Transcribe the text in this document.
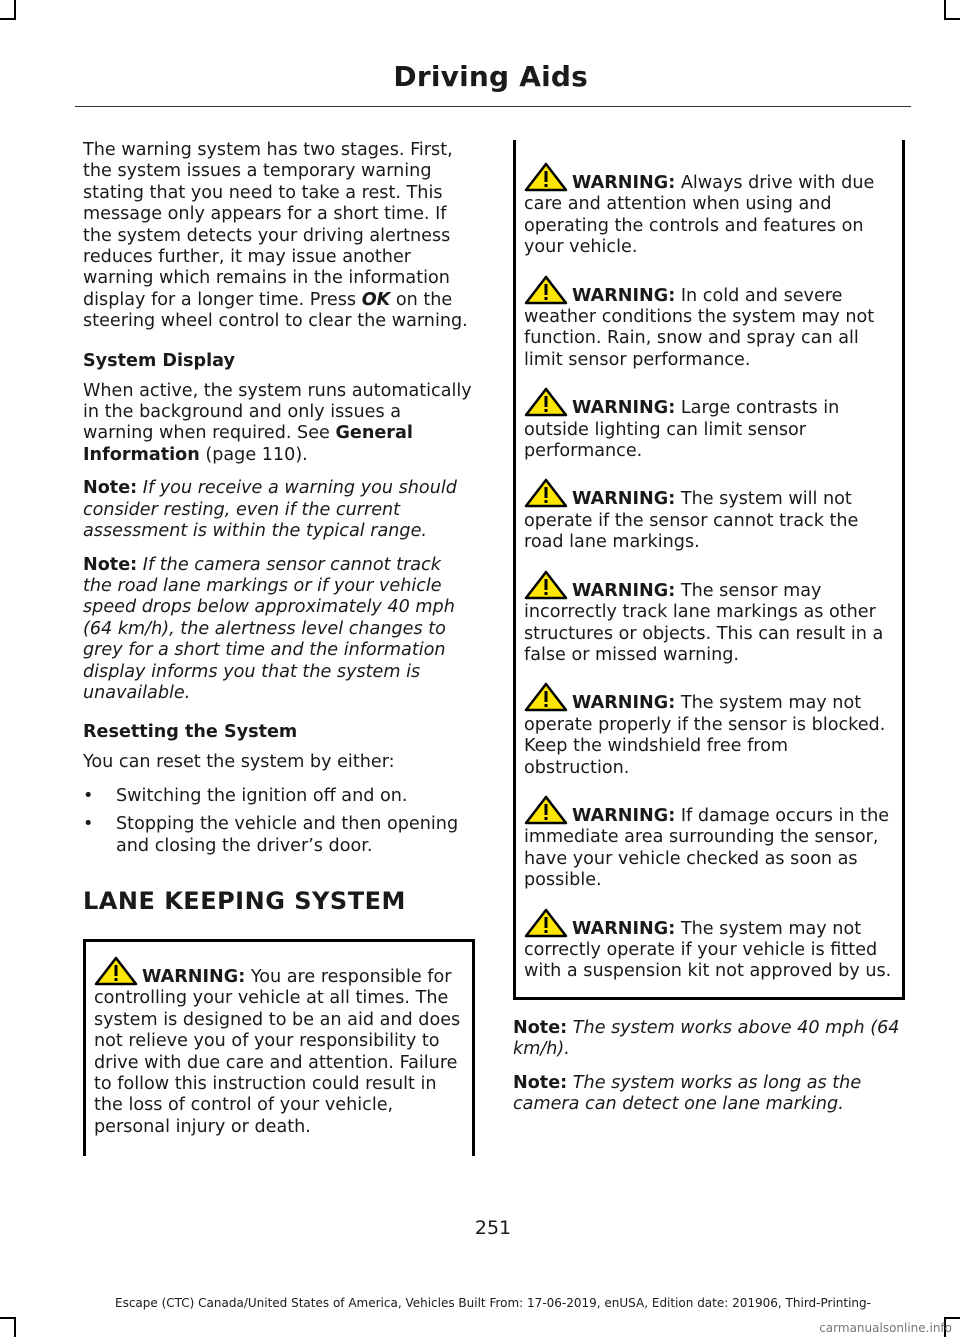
Driving Aids

The warning system has two stages. First, the system issues a temporary warning stating that you need to take a rest. This message only appears for a short time. If the system detects your driving alertness reduces further, it may issue another warning which remains in the information display for a longer time. Press OK on the steering wheel control to clear the warning.

System Display

When active, the system runs automatically in the background and only issues a warning when required. See General Information (page 110).

Note: If you receive a warning you should consider resting, even if the current assessment is within the typical range.

Note: If the camera sensor cannot track the road lane markings or if your vehicle speed drops below approximately 40 mph (64 km/h), the alertness level changes to grey for a short time and the information display informs you that the system is unavailable.

Resetting the System

You can reset the system by either:

• Switching the ignition off and on.
• Stopping the vehicle and then opening and closing the driver’s door.
LANE KEEPING SYSTEM
WARNING: You are responsible for controlling your vehicle at all times. The system is designed to be an aid and does not relieve you of your responsibility to drive with due care and attention. Failure to follow this instruction could result in the loss of control of your vehicle, personal injury or death.
WARNING: Always drive with due care and attention when using and operating the controls and features on your vehicle.
WARNING: In cold and severe weather conditions the system may not function. Rain, snow and spray can all limit sensor performance.
WARNING: Large contrasts in outside lighting can limit sensor performance.
WARNING: The system will not operate if the sensor cannot track the road lane markings.
WARNING: The sensor may incorrectly track lane markings as other structures or objects. This can result in a false or missed warning.
WARNING: The system may not operate properly if the sensor is blocked. Keep the windshield free from obstruction.
WARNING: If damage occurs in the immediate area surrounding the sensor, have your vehicle checked as soon as possible.
WARNING: The system may not correctly operate if your vehicle is fitted with a suspension kit not approved by us.

Note: The system works above 40 mph (64 km/h).

Note: The system works as long as the camera can detect one lane marking.

251
Escape (CTC) Canada/United States of America, Vehicles Built From: 17-06-2019, enUSA, Edition date: 201906, Third-Printing-
carmanualsonline.info
